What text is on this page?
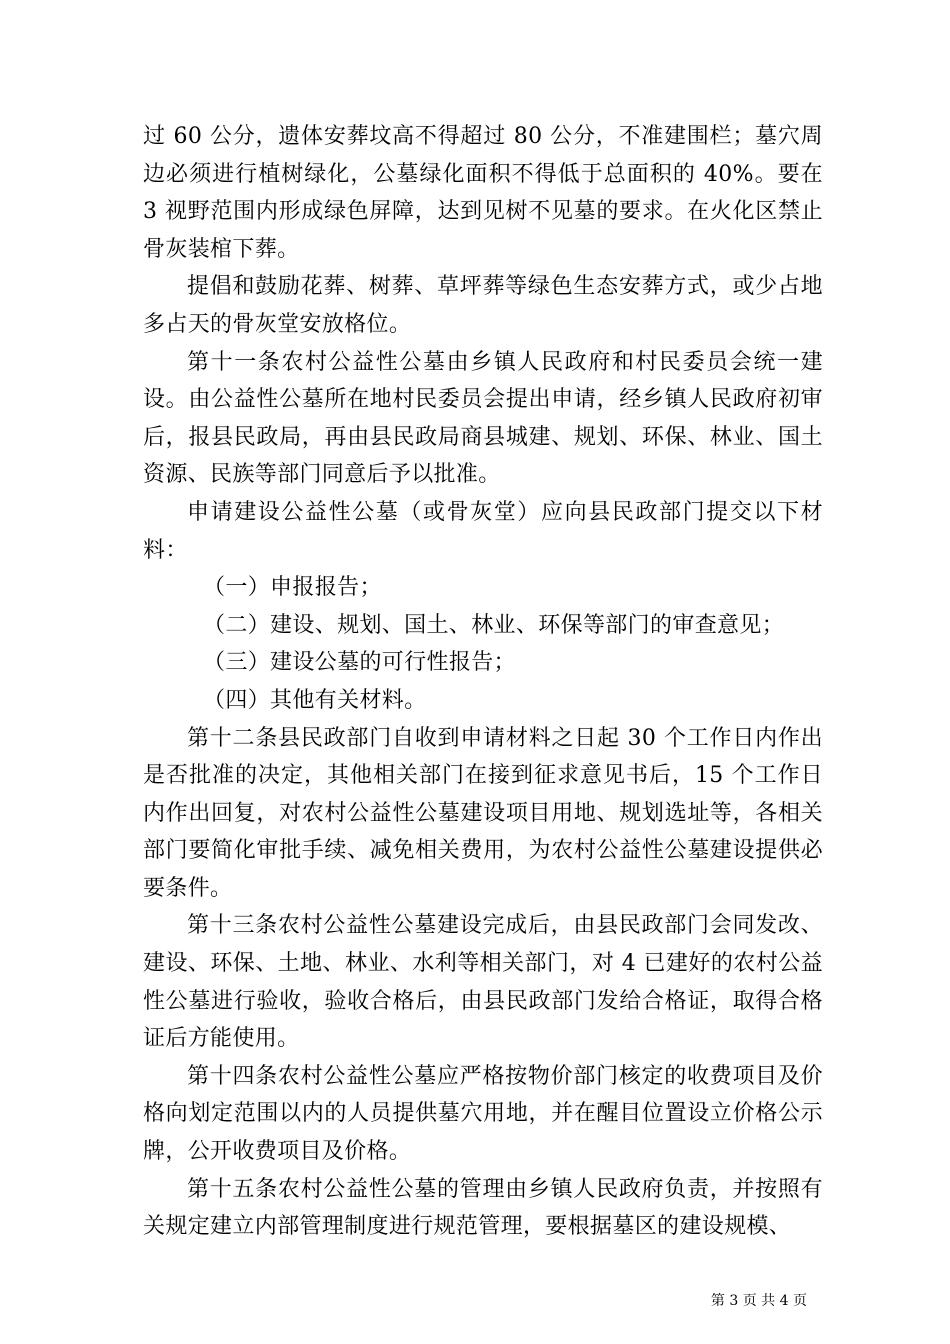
过 60 公分，遗体安葬坟高不得超过 80 公分，不准建围栏；墓穴周边必须进行植树绿化，公墓绿化面积不得低于总面积的 40%。要在 3 视野范围内形成绿色屏障，达到见树不见墓的要求。在火化区禁止骨灰装棺下葬。

提倡和鼓励花葬、树葬、草坪葬等绿色生态安葬方式，或少占地多占天的骨灰堂安放格位。

第十一条农村公益性公墓由乡镇人民政府和村民委员会统一建设。由公益性公墓所在地村民委员会提出申请，经乡镇人民政府初审后，报县民政局，再由县民政局商县城建、规划、环保、林业、国土资源、民族等部门同意后予以批准。

申请建设公益性公墓（或骨灰堂）应向县民政部门提交以下材料：

（一）申报报告；

（二）建设、规划、国土、林业、环保等部门的审查意见；

（三）建设公墓的可行性报告；

（四）其他有关材料。

第十二条县民政部门自收到申请材料之日起 30 个工作日内作出是否批准的决定，其他相关部门在接到征求意见书后，15 个工作日内作出回复，对农村公益性公墓建设项目用地、规划选址等，各相关部门要简化审批手续、减免相关费用，为农村公益性公墓建设提供必要条件。

第十三条农村公益性公墓建设完成后，由县民政部门会同发改、建设、环保、土地、林业、水利等相关部门，对 4 已建好的农村公益性公墓进行验收，验收合格后，由县民政部门发给合格证，取得合格证后方能使用。

第十四条农村公益性公墓应严格按物价部门核定的收费项目及价格向划定范围以内的人员提供墓穴用地，并在醒目位置设立价格公示牌，公开收费项目及价格。

第十五条农村公益性公墓的管理由乡镇人民政府负责，并按照有关规定建立内部管理制度进行规范管理，要根据墓区的建设规模、

第 3 页 共 4 页
